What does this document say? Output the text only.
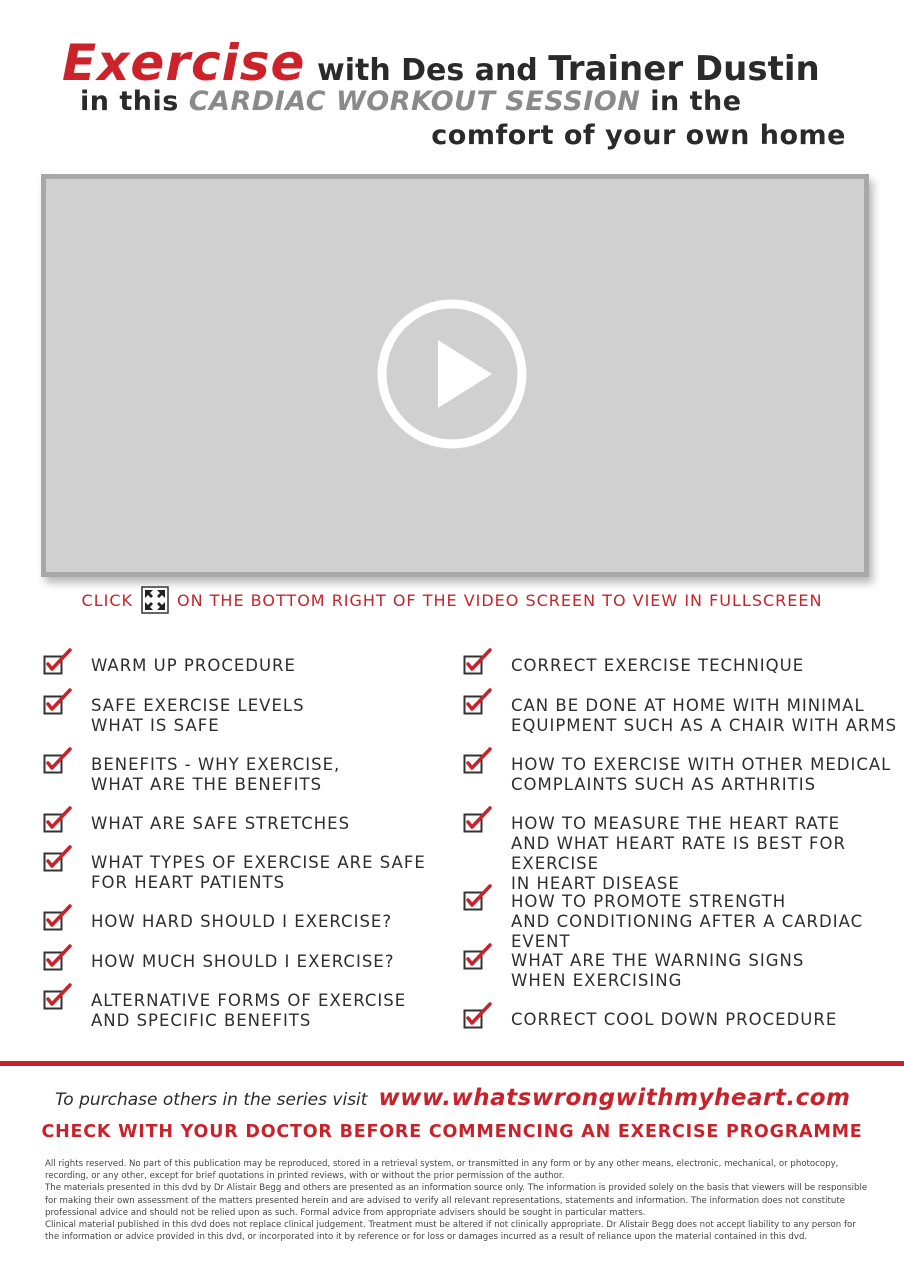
Exercise with Des and Trainer Dustin
in this CARDIAC WORKOUT SESSION in the
comfort of your own home
CLICK	ON THE BOTTOM RIGHT OF THE VIDEO SCREEN TO VIEW IN FULLSCREEN
WARM UP PROCEDURE
SAFE EXERCISE LEVELS
WHAT IS SAFE
BENEFITS - WHY EXERCISE,
WHAT ARE THE BENEFITS
WHAT ARE SAFE STRETCHES
WHAT TYPES OF EXERCISE ARE SAFE
FOR HEART PATIENTS
HOW HARD SHOULD I EXERCISE?
HOW MUCH SHOULD I EXERCISE?
ALTERNATIVE FORMS OF EXERCISE
AND SPECIFIC BENEFITS
CORRECT EXERCISE TECHNIQUE
CAN BE DONE AT HOME WITH MINIMAL
EQUIPMENT SUCH AS A CHAIR WITH ARMS
HOW TO EXERCISE WITH OTHER MEDICAL
COMPLAINTS SUCH AS ARTHRITIS
HOW TO MEASURE THE HEART RATE
AND WHAT HEART RATE IS BEST FOR EXERCISE
IN HEART DISEASE
HOW TO PROMOTE STRENGTH
AND CONDITIONING AFTER A CARDIAC EVENT
WHAT ARE THE WARNING SIGNS
WHEN EXERCISING
CORRECT COOL DOWN PROCEDURE
To purchase others in the series visit www.whatswrongwithmyheart.com
CHECK WITH YOUR DOCTOR BEFORE COMMENCING AN EXERCISE PROGRAMME

All rights reserved. No part of this publication may be reproduced, stored in a retrieval system, or transmitted in any form or by any other means, electronic, mechanical, or photocopy, recording, or any other, except for brief quotations in printed reviews, with or without the prior permission of the author.

The materials presented in this dvd by Dr Alistair Begg and others are presented as an information source only. The information is provided solely on the basis that viewers will be responsible for making their own assessment of the matters presented herein and are advised to verify all relevant representations, statements and information. The information does not constitute professional advice and should not be relied upon as such. Formal advice from appropriate advisers should be sought in particular matters.

Clinical material published in this dvd does not replace clinical judgement. Treatment must be altered if not clinically appropriate. Dr Alistair Begg does not accept liability to any person for the information or advice provided in this dvd, or incorporated into it by reference or for loss or damages incurred as a result of reliance upon the material contained in this dvd.
